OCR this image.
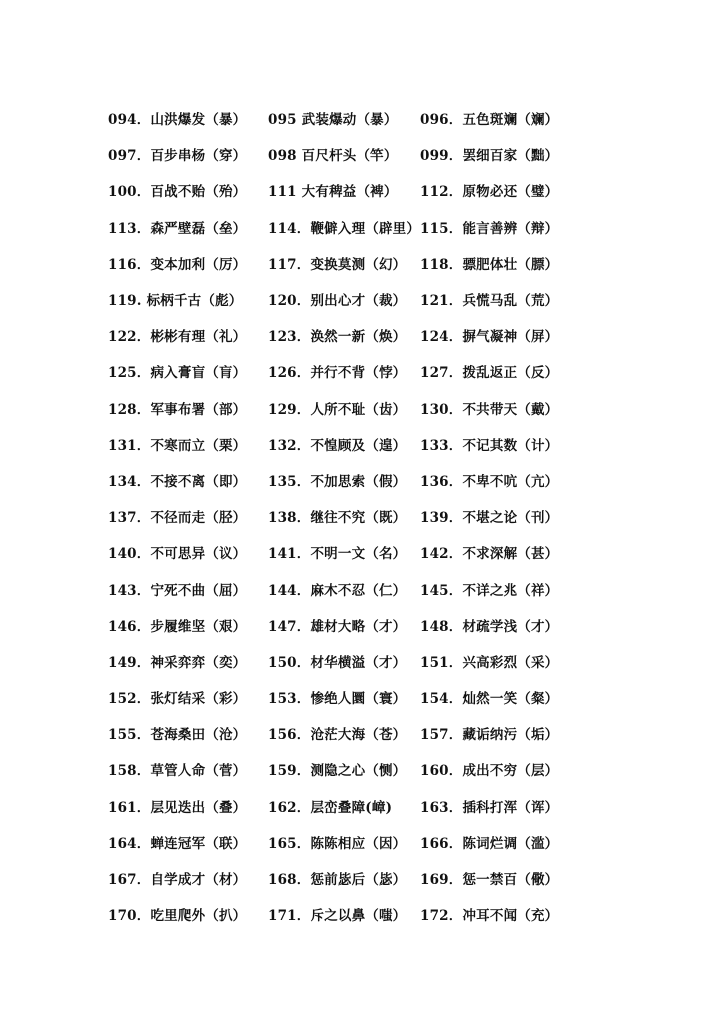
094．山洪爆发（暴）	095 武装爆动（暴）	096．五色斑斓（斓）
097．百步串杨（穿）	098 百尺杆头（竿）	099．罢细百家（黜）
100．百战不贻（殆）	111 大有稗益（裨）	112．原物必还（璧）
113．森严壁磊（垒）	114．鞭僻入理（辟里） 115．能言善辨（辩）
116．变本加利（厉）	117．变换莫测（幻）	118．骠肥体壮（膘）
119. 标柄千古（彪）	120．别出心才（裁）	121．兵慌马乱（荒）
122．彬彬有理（礼）	123．涣然一新（焕）	124．摒气凝神（屏）
125．病入膏盲（肓）	126．并行不背（悖）	127．拨乱返正（反）
128．军事布署（部）	129．人所不耻（齿）	130．不共带天（戴）
131．不寒而立（栗）	132．不惶顾及（遑）	133．不记其数（计）
134．不接不离（即）	135．不加思索（假）	136．不卑不吭（亢）
137．不径而走（胫）	138．继往不究（既）	139．不堪之论（刊）
140．不可思异（议）	141．不明一文（名）	142．不求深解（甚）
143．宁死不曲（屈）	144．麻木不忍（仁）	145．不详之兆（祥）
146．步履维坚（艰）	147．雄材大略（才）	148．材疏学浅（才）
149．神采弈弈（奕）	150．材华横溢（才）	151．兴高彩烈（采）
152．张灯结采（彩）	153．惨绝人圜（寰）	154．灿然一笑（粲）
155．苍海桑田（沧）	156．沧茫大海（苍）	157．藏诟纳污（垢）
158．草管人命（菅）	159．测隐之心（恻）	160．成出不穷（层）
161．层见迭出（叠）	162．层峦叠障(嶂)	163．插科打浑（诨）
164．蝉连冠军（联）	165．陈陈相应（因）	166．陈词烂调（滥）
167．自学成才（材）	168．惩前毖后（毖）	169．惩一禁百（儆）
170．吃里爬外（扒）	171．斥之以鼻（嗤）	172．冲耳不闻（充）
